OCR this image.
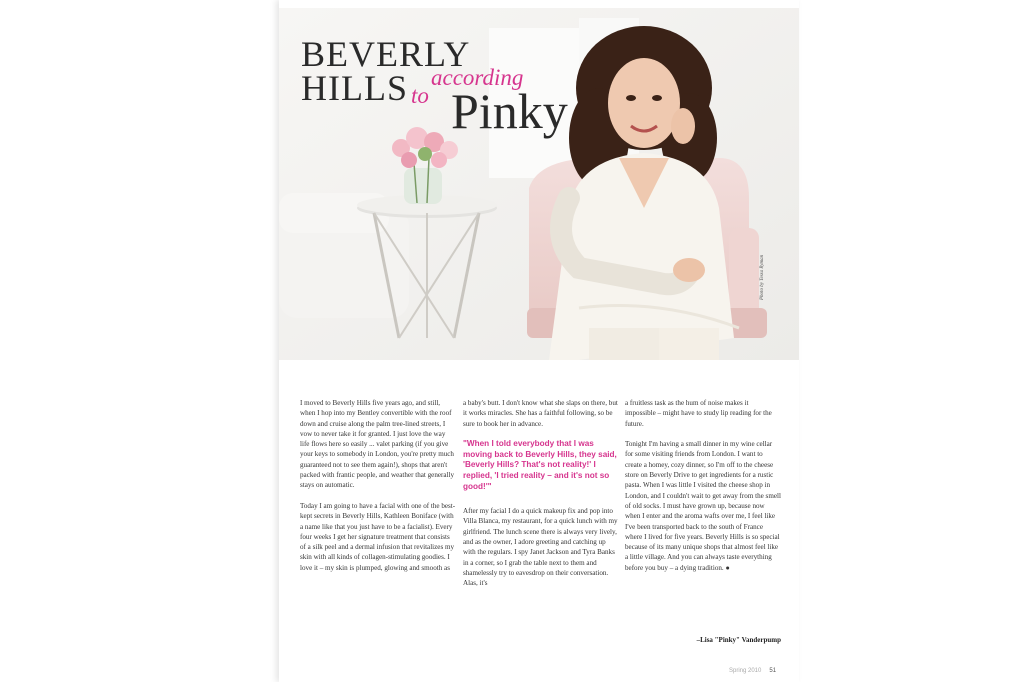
BEVERLY
HILLS according
to Pinky
Photo by Tessa Ryman

I moved to Beverly Hills five years ago, and still, when I hop into my Bentley convertible with the roof down and cruise along the palm tree-lined streets, I vow to never take it for granted. I just love the way life flows here so easily ... valet parking (if you give your keys to somebody in London, you're pretty much guaranteed not to see them again!), shops that aren't packed with frantic people, and weather that generally stays on automatic.

Today I am going to have a facial with one of the best-kept secrets in Beverly Hills, Kathleen Boniface (with a name like that you just have to be a facialist). Every four weeks I get her signature treatment that consists of a silk peel and a dermal infusion that revitalizes my skin with all kinds of collagen-stimulating goodies. I love it – my skin is plumped, glowing and smooth as

a baby's butt. I don't know what she slaps on there, but it works miracles. She has a faithful following, so be sure to book her in advance.

"When I told everybody that I was moving back to Beverly Hills, they said, 'Beverly Hills? That's not reality!' I replied, 'I tried reality – and it's not so good!'"

After my facial I do a quick makeup fix and pop into Villa Blanca, my restaurant, for a quick lunch with my girlfriend. The lunch scene there is always very lively, and as the owner, I adore greeting and catching up with the regulars. I spy Janet Jackson and Tyra Banks in a corner, so I grab the table next to them and shamelessly try to eavesdrop on their conversation. Alas, it's

a fruitless task as the hum of noise makes it impossible – might have to study lip reading for the future.

Tonight I'm having a small dinner in my wine cellar for some visiting friends from London. I want to create a homey, cozy dinner, so I'm off to the cheese store on Beverly Drive to get ingredients for a rustic pasta. When I was little I visited the cheese shop in London, and I couldn't wait to get away from the smell of old socks. I must have grown up, because now when I enter and the aroma wafts over me, I feel like I've been transported back to the south of France where I lived for five years. Beverly Hills is so special because of its many unique shops that almost feel like a little village. And you can always taste everything before you buy – a dying tradition. ●

–Lisa "Pinky" Vanderpump
Spring 2010 51
